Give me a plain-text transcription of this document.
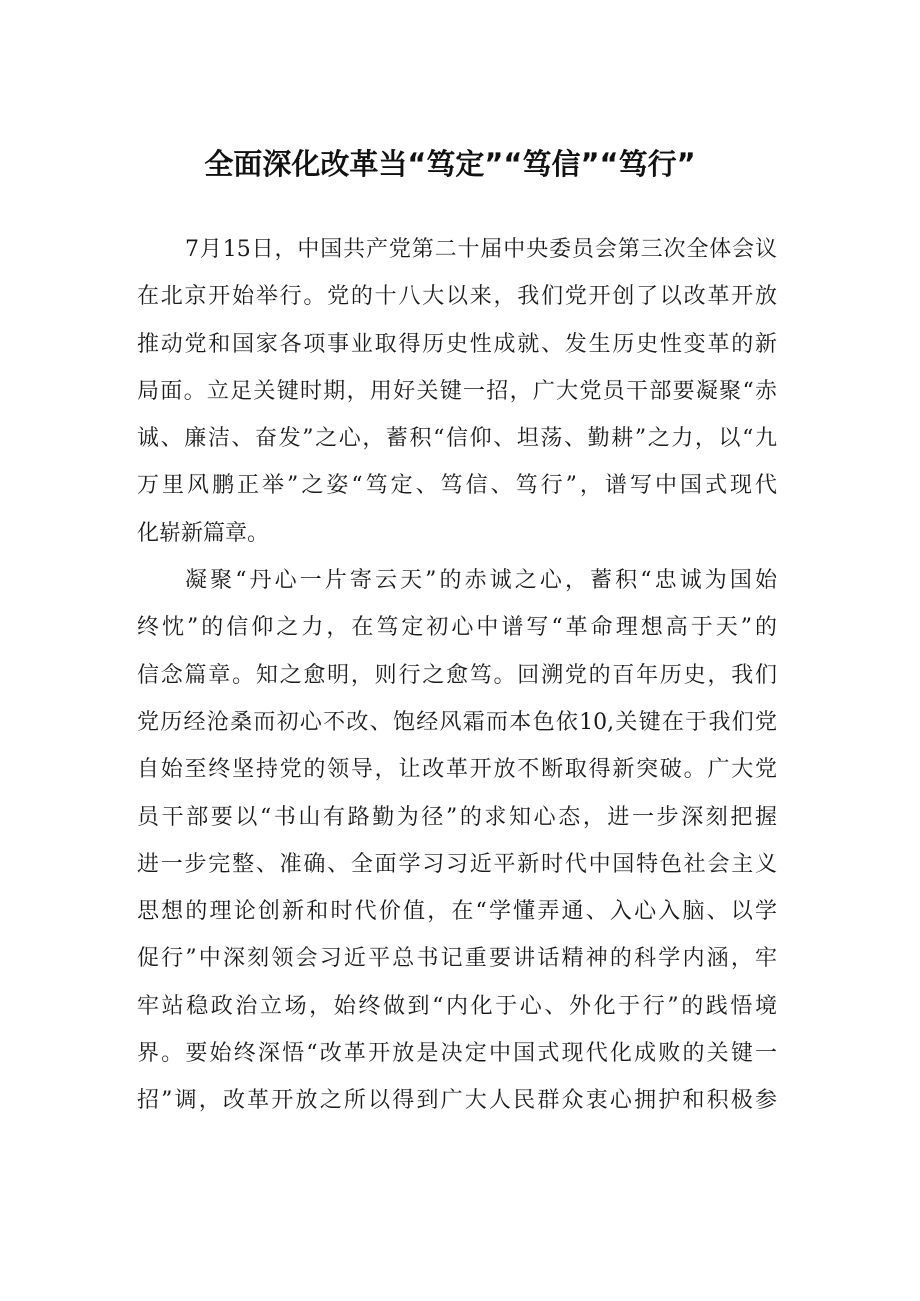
全面深化改革当“笃定”“笃信”“笃行”
7月15日，中国共产党第二十届中央委员会第三次全体会议
在北京开始举行。党的十八大以来，我们党开创了以改革开放
推动党和国家各项事业取得历史性成就、发生历史性变革的新
局面。立足关键时期，用好关键一招，广大党员干部要凝聚“赤
诚、廉洁、奋发”之心，蓄积“信仰、坦荡、勤耕”之力，以“九
万里风鹏正举”之姿“笃定、笃信、笃行”，谱写中国式现代
化崭新篇章。
凝聚“丹心一片寄云天”的赤诚之心，蓄积“忠诚为国始
终忱”的信仰之力，在笃定初心中谱写“革命理想高于天”的
信念篇章。知之愈明，则行之愈笃。回溯党的百年历史，我们
党历经沧桑而初心不改、饱经风霜而本色依10,关键在于我们党
自始至终坚持党的领导，让改革开放不断取得新突破。广大党
员干部要以“书山有路勤为径”的求知心态，进一步深刻把握
进一步完整、准确、全面学习习近平新时代中国特色社会主义
思想的理论创新和时代价值，在“学懂弄通、入心入脑、以学
促行”中深刻领会习近平总书记重要讲话精神的科学内涵，牢
牢站稳政治立场，始终做到“内化于心、外化于行”的践悟境
界。要始终深悟“改革开放是决定中国式现代化成败的关键一
招”调，改革开放之所以得到广大人民群众衷心拥护和积极参
